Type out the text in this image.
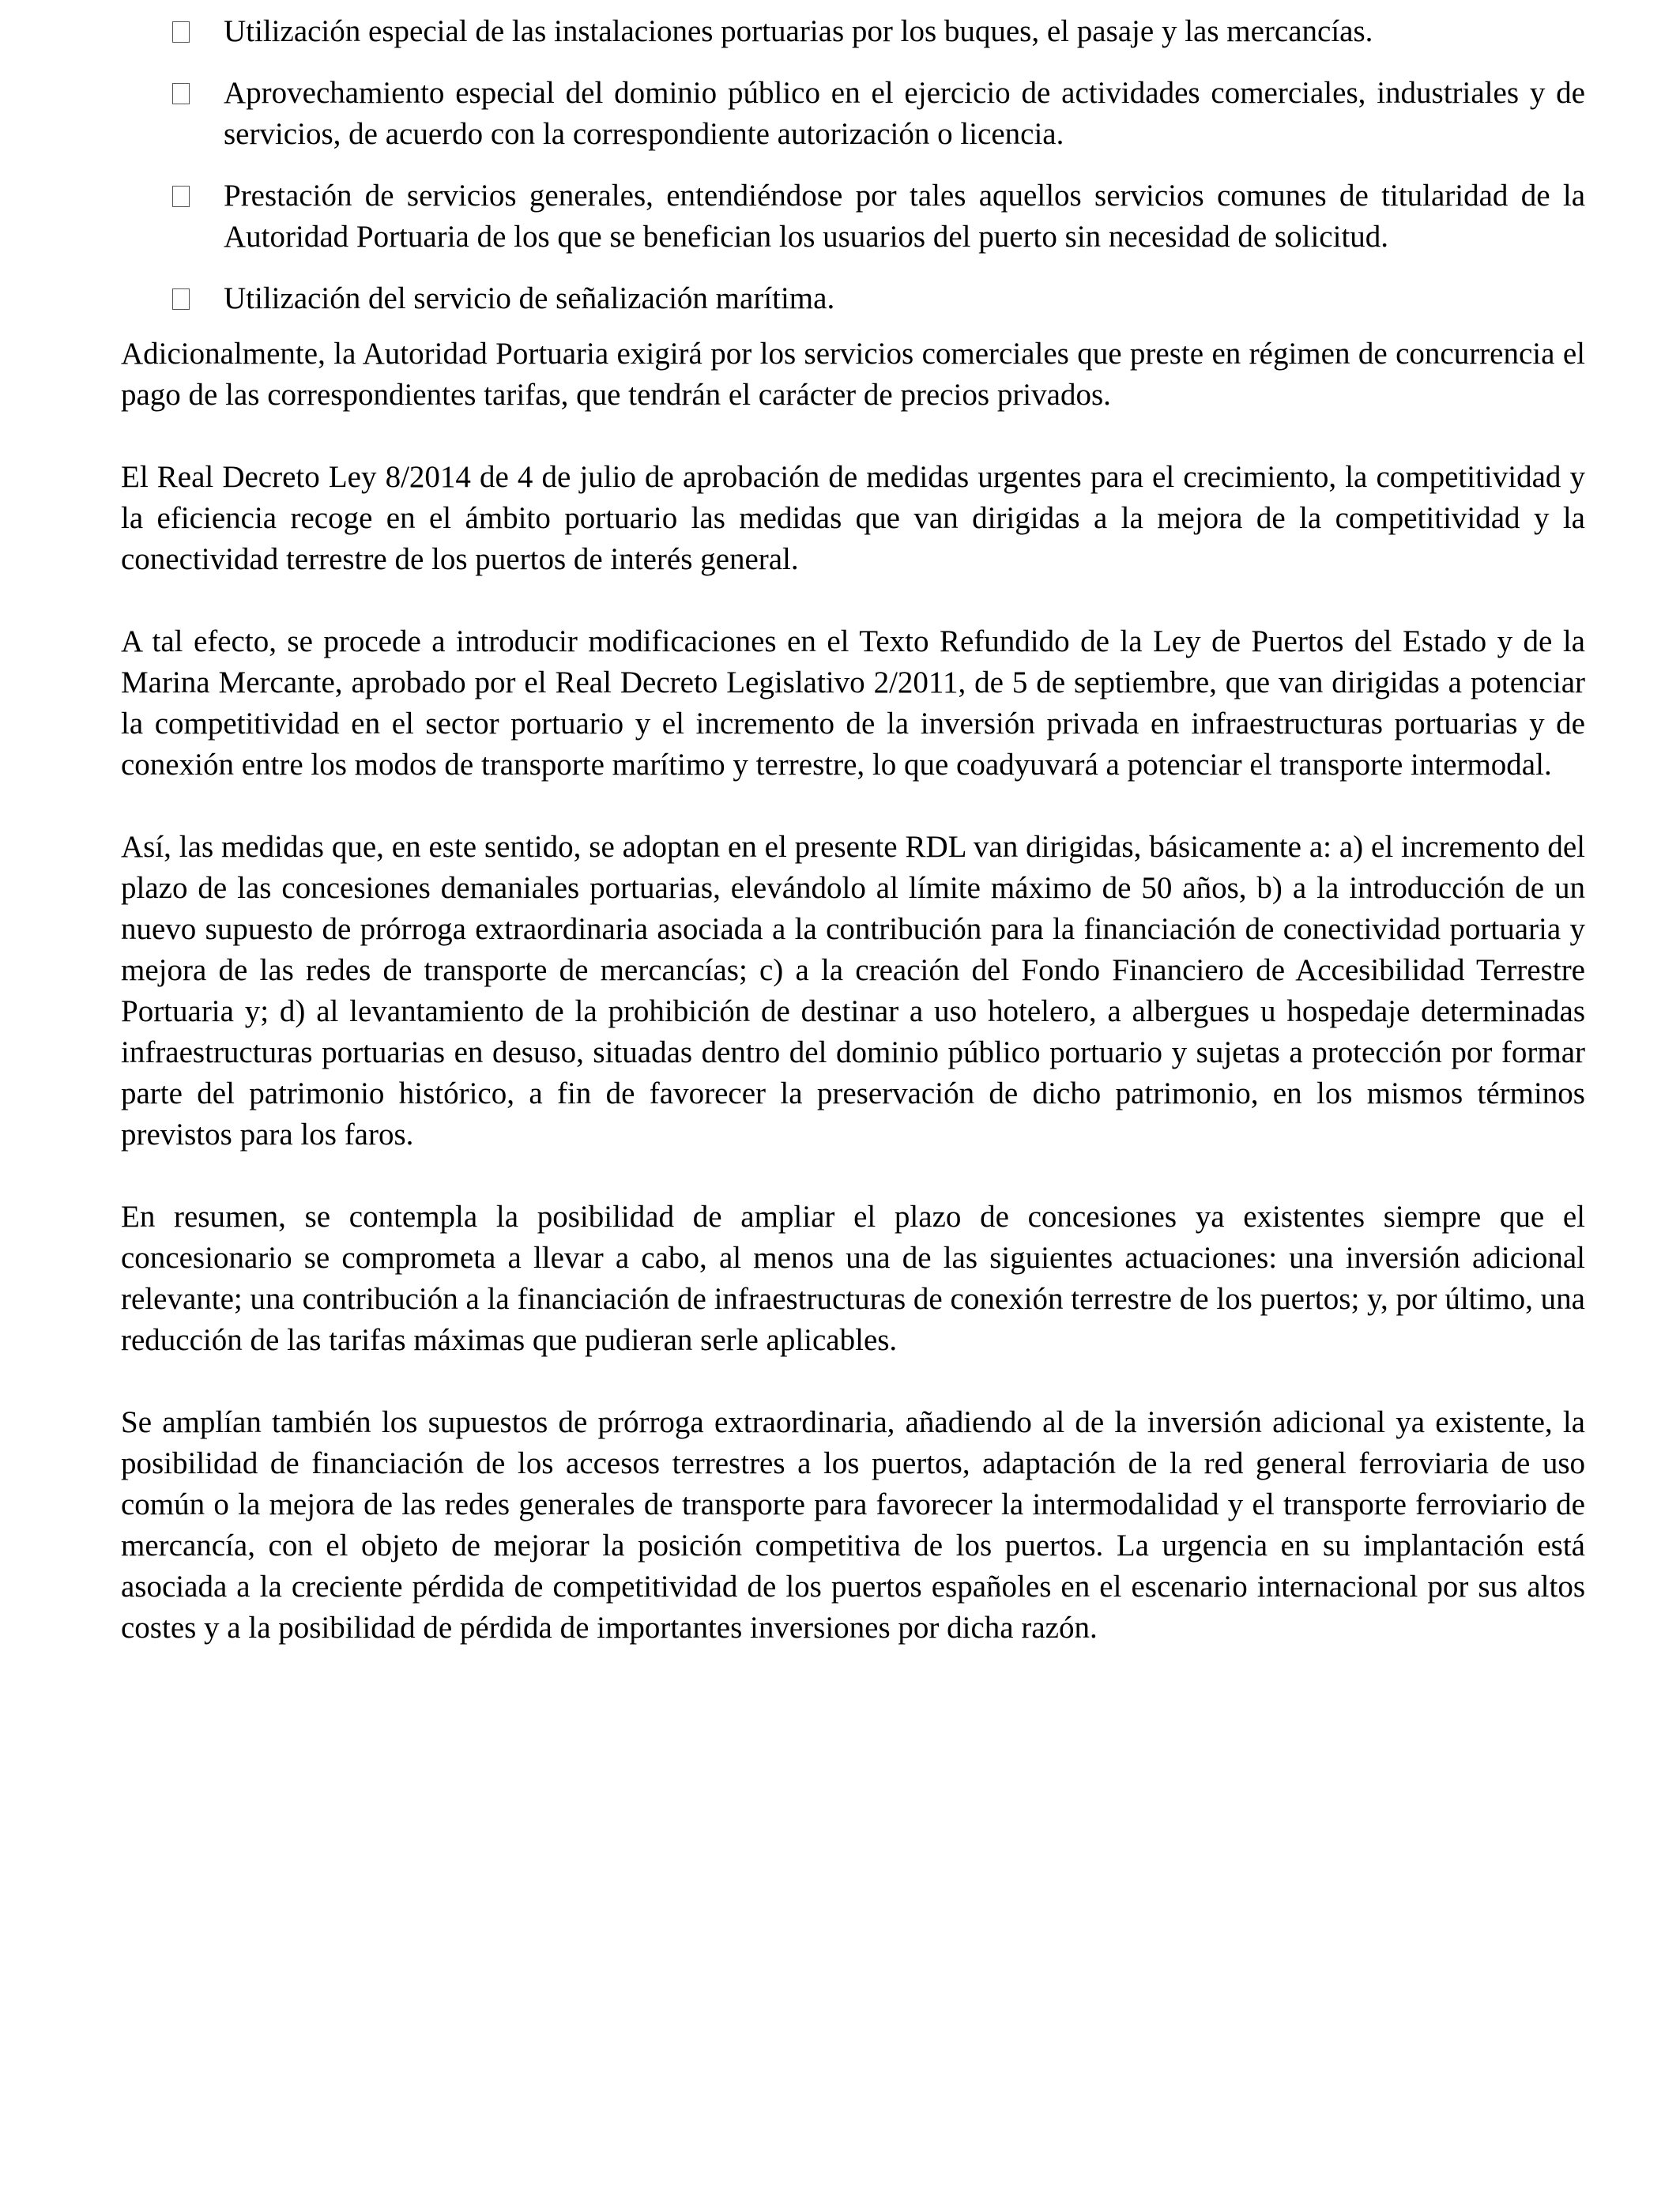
Utilización especial de las instalaciones portuarias por los buques, el pasaje y las mercancías.
Aprovechamiento especial del dominio público en el ejercicio de actividades comerciales, industriales y de servicios, de acuerdo con la correspondiente autorización o licencia.
Prestación de servicios generales, entendiéndose por tales aquellos servicios comunes de titularidad de la Autoridad Portuaria de los que se benefician los usuarios del puerto sin necesidad de solicitud.
Utilización del servicio de señalización marítima.

Adicionalmente, la Autoridad Portuaria exigirá por los servicios comerciales que preste en régimen de concurrencia el pago de las correspondientes tarifas, que tendrán el carácter de precios privados.

El Real Decreto Ley 8/2014 de 4 de julio de aprobación de medidas urgentes para el crecimiento, la competitividad y la eficiencia recoge en el ámbito portuario las medidas que van dirigidas a la mejora de la competitividad y la conectividad terrestre de los puertos de interés general.

A tal efecto, se procede a introducir modificaciones en el Texto Refundido de la Ley de Puertos del Estado y de la Marina Mercante, aprobado por el Real Decreto Legislativo 2/2011, de 5 de septiembre, que van dirigidas a potenciar la competitividad en el sector portuario y el incremento de la inversión privada en infraestructuras portuarias y de conexión entre los modos de transporte marítimo y terrestre, lo que coadyuvará a potenciar el transporte intermodal.

Así, las medidas que, en este sentido, se adoptan en el presente RDL van dirigidas, básicamente a: a) el incremento del plazo de las concesiones demaniales portuarias, elevándolo al límite máximo de 50 años, b) a la introducción de un nuevo supuesto de prórroga extraordinaria asociada a la contribución para la financiación de conectividad portuaria y mejora de las redes de transporte de mercancías; c) a la creación del Fondo Financiero de Accesibilidad Terrestre Portuaria y; d) al levantamiento de la prohibición de destinar a uso hotelero, a albergues u hospedaje determinadas infraestructuras portuarias en desuso, situadas dentro del dominio público portuario y sujetas a protección por formar parte del patrimonio histórico, a fin de favorecer la preservación de dicho patrimonio, en los mismos términos previstos para los faros.

En resumen, se contempla la posibilidad de ampliar el plazo de concesiones ya existentes siempre que el concesionario se comprometa a llevar a cabo, al menos una de las siguientes actuaciones: una inversión adicional relevante; una contribución a la financiación de infraestructuras de conexión terrestre de los puertos; y, por último, una reducción de las tarifas máximas que pudieran serle aplicables.

Se amplían también los supuestos de prórroga extraordinaria, añadiendo al de la inversión adicional ya existente, la posibilidad de financiación de los accesos terrestres a los puertos, adaptación de la red general ferroviaria de uso común o la mejora de las redes generales de transporte para favorecer la intermodalidad y el transporte ferroviario de mercancía, con el objeto de mejorar la posición competitiva de los puertos. La urgencia en su implantación está asociada a la creciente pérdida de competitividad de los puertos españoles en el escenario internacional por sus altos costes y a la posibilidad de pérdida de importantes inversiones por dicha razón.
